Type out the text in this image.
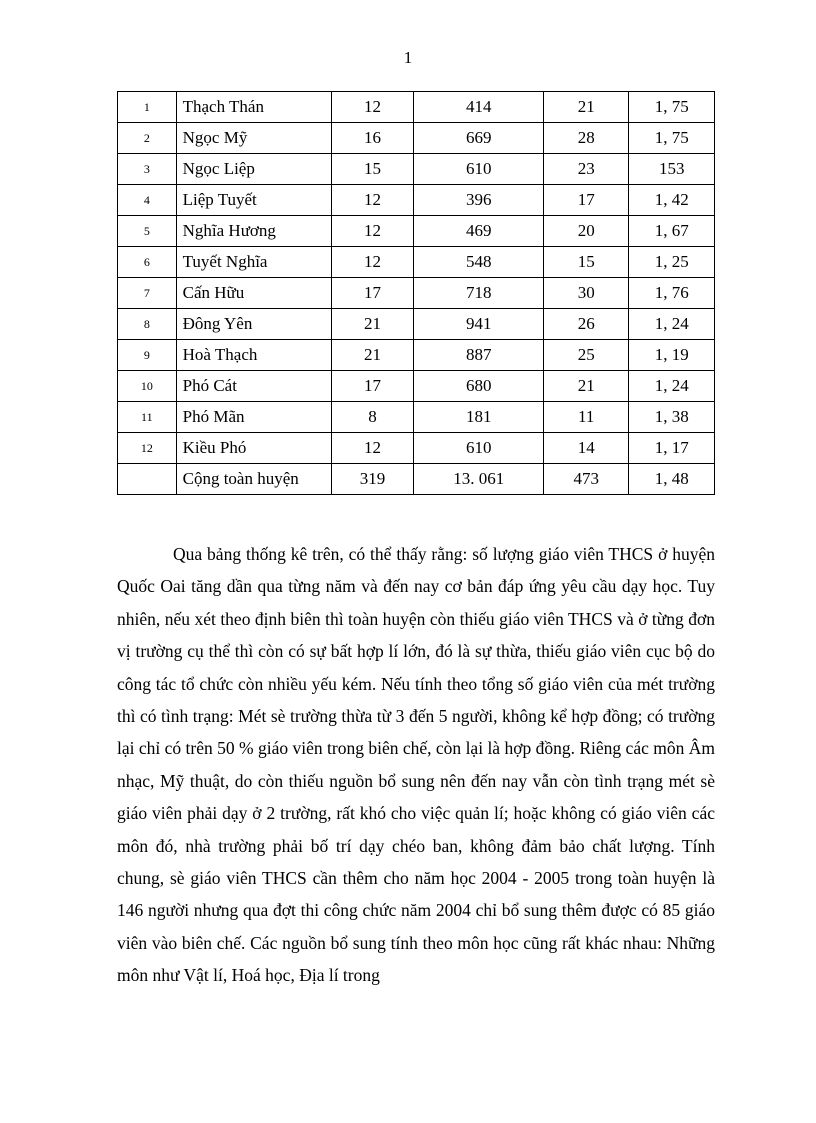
1
1	Thạch Thán	12	414	21	1, 75
2	Ngọc Mỹ	16	669	28	1, 75
3	Ngọc Liệp	15	610	23	153
4	Liệp Tuyết	12	396	17	1, 42
5	Nghĩa Hương	12	469	20	1, 67
6	Tuyết Nghĩa	12	548	15	1, 25
7	Cấn Hữu	17	718	30	1, 76
8	Đông Yên	21	941	26	1, 24
9	Hoà Thạch	21	887	25	1, 19
10	Phó Cát	17	680	21	1, 24
11	Phó Mãn	8	181	11	1, 38
12	Kiều Phó	12	610	14	1, 17
	Cộng toàn huyện	319	13. 061	473	1, 48

Qua bảng thống kê trên, có thể thấy rằng: số lượng giáo viên THCS ở huyện Quốc Oai tăng dần qua từng năm và đến nay cơ bản đáp ứng yêu cầu dạy học. Tuy nhiên, nếu xét theo định biên thì toàn huyện còn thiếu giáo viên THCS và ở từng đơn vị trường cụ thể thì còn có sự bất hợp lí lớn, đó là sự thừa, thiếu giáo viên cục bộ do công tác tổ chức còn nhiều yếu kém. Nếu tính theo tổng số giáo viên của mét trường thì có tình trạng: Mét sè trường thừa từ 3 đến 5 người, không kể hợp đồng; có trường lại chỉ có trên 50 % giáo viên trong biên chế, còn lại là hợp đồng. Riêng các môn Âm nhạc, Mỹ thuật, do còn thiếu nguồn bổ sung nên đến nay vẫn còn tình trạng mét sè giáo viên phải dạy ở 2 trường, rất khó cho việc quản lí; hoặc không có giáo viên các môn đó, nhà trường phải bố trí dạy chéo ban, không đảm bảo chất lượng. Tính chung, sè giáo viên THCS cần thêm cho năm học 2004 - 2005 trong toàn huyện là 146 người nhưng qua đợt thi công chức năm 2004 chỉ bổ sung thêm được có 85 giáo viên vào biên chế. Các nguồn bổ sung tính theo môn học cũng rất khác nhau: Những môn như Vật lí, Hoá học, Địa lí trong
